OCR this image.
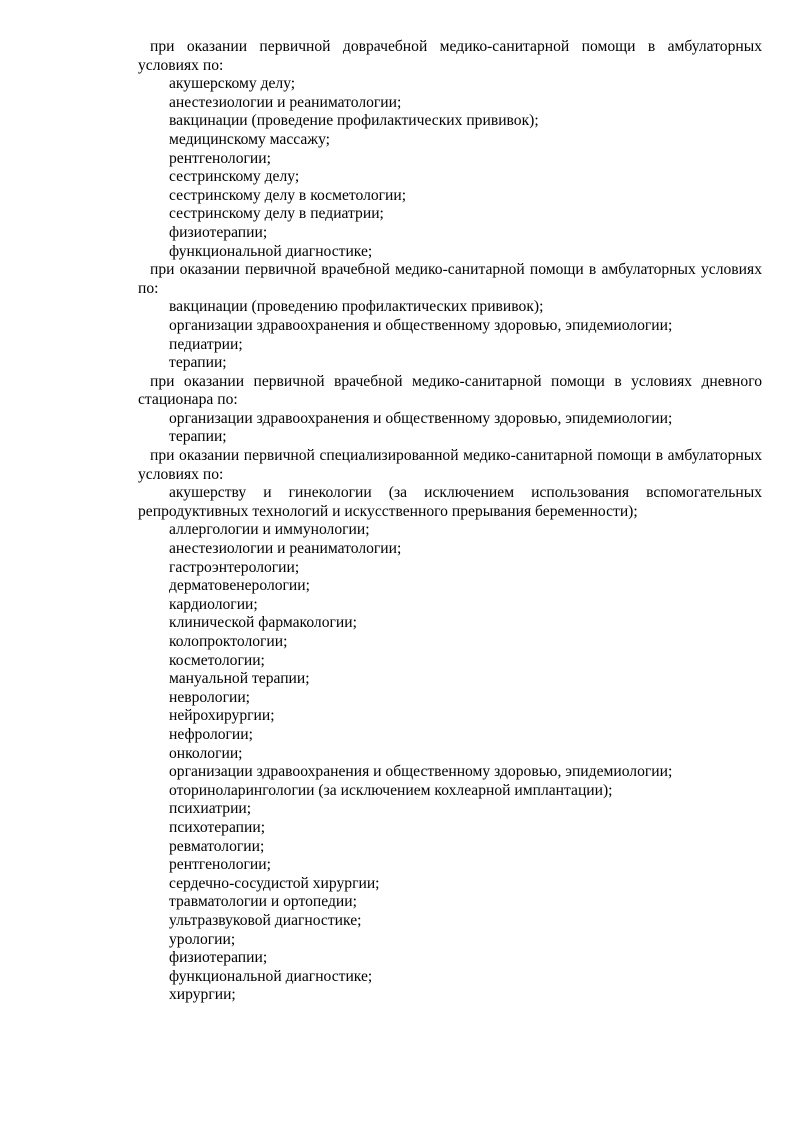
при оказании первичной доврачебной медико-санитарной помощи в амбулаторных условиях по:

акушерскому делу;

анестезиологии и реаниматологии;

вакцинации (проведение профилактических прививок);

медицинскому массажу;

рентгенологии;

сестринскому делу;

сестринскому делу в косметологии;

сестринскому делу в педиатрии;

физиотерапии;

функциональной диагностике;

при оказании первичной врачебной медико-санитарной помощи в амбулаторных условиях по:

вакцинации (проведению профилактических прививок);

организации здравоохранения и общественному здоровью, эпидемиологии;

педиатрии;

терапии;

при оказании первичной врачебной медико-санитарной помощи в условиях дневного стационара по:

организации здравоохранения и общественному здоровью, эпидемиологии;

терапии;

при оказании первичной специализированной медико-санитарной помощи в амбулаторных условиях по:

акушерству и гинекологии (за исключением использования вспомогательных репродуктивных технологий и искусственного прерывания беременности);

аллергологии и иммунологии;

анестезиологии и реаниматологии;

гастроэнтерологии;

дерматовенерологии;

кардиологии;

клинической фармакологии;

колопроктологии;

косметологии;

мануальной терапии;

неврологии;

нейрохирургии;

нефрологии;

онкологии;

организации здравоохранения и общественному здоровью, эпидемиологии;

оториноларингологии (за исключением кохлеарной имплантации);

психиатрии;

психотерапии;

ревматологии;

рентгенологии;

сердечно-сосудистой хирургии;

травматологии и ортопедии;

ультразвуковой диагностике;

урологии;

физиотерапии;

функциональной диагностике;

хирургии;
